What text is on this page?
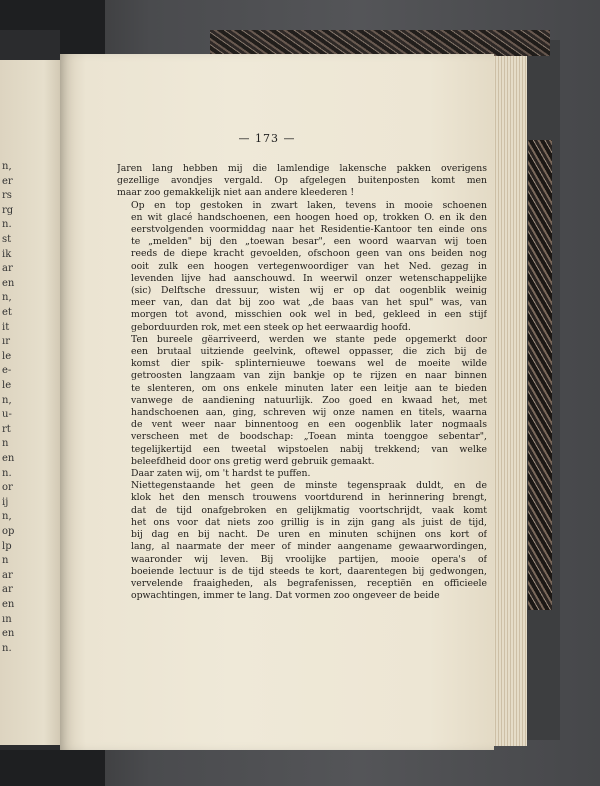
n,
er
rs
rg
n.
st
ik
ar
en
n,
et
it
ır
le
e-
le
n,
u-
rt
n
en
n.
or
ij
n,
op
lp
n
ar
ar
en
ın
en
n.
— 173 —

Jaren lang hebben mij die lamlendige lakensche pakken overigens
gezellige avondjes vergald. Op afgelegen buitenposten komt men
maar zoo gemakkelijk niet aan andere kleederen !

Op en top gestoken in zwart laken, tevens in mooie schoenen
en wit glacé handschoenen, een hoogen hoed op, trokken O. en ik den
eerstvolgenden voormiddag naar het Residentie-Kantoor ten einde ons
te „melden" bij den „toewan besar", een woord waarvan wij toen
reeds de diepe kracht gevoelden, ofschoon geen van ons beiden nog
ooit zulk een hoogen vertegenwoordiger van het Ned. gezag in
levenden lijve had aanschouwd. In weerwil onzer wetenschappelijke
(sic) Delftsche dressuur, wisten wij er op dat oogenblik weinig
meer van, dan dat bij zoo wat „de baas van het spul" was, van
morgen tot avond, misschien ook wel in bed, gekleed in een stijf
geborduurden rok, met een steek op het eerwaardig hoofd.

Ten bureele gëarriveerd, werden we stante pede opgemerkt door
een brutaal uitziende geelvink, oftewel oppasser, die zich bij de
komst dier spik- splinternieuwe toewans wel de moeite wilde
getroosten langzaam van zijn bankje op te rijzen en naar binnen
te slenteren, om ons enkele minuten later een leitje aan te bieden
vanwege de aandiening natuurlijk. Zoo goed en kwaad het, met
handschoenen aan, ging, schreven wij onze namen en titels, waarna
de vent weer naar binnentoog en een oogenblik later nogmaals
verscheen met de boodschap: „Toean minta toenggoe sebentar",
tegelijkertijd een tweetal wipstoelen nabij trekkend; van welke
beleefdheid door ons gretig werd gebruik gemaakt.

Daar zaten wij, om 't hardst te puffen.

Niettegenstaande het geen de minste tegenspraak duldt, en de
klok het den mensch trouwens voortdurend in herinnering brengt,
dat de tijd onafgebroken en gelijkmatig voortschrijdt, vaak komt
het ons voor dat niets zoo grillig is in zijn gang als juist de tijd,
bij dag en bij nacht. De uren en minuten schijnen ons kort of
lang, al naarmate der meer of minder aangename gewaarwordingen,
waaronder wij leven. Bij vroolijke partijen, mooie opera's of
boeiende lectuur is de tijd steeds te kort, daarentegen bij gedwongen,
vervelende fraaigheden, als begrafenissen, receptiën en officieele
opwachtingen, immer te lang. Dat vormen zoo ongeveer de beide
